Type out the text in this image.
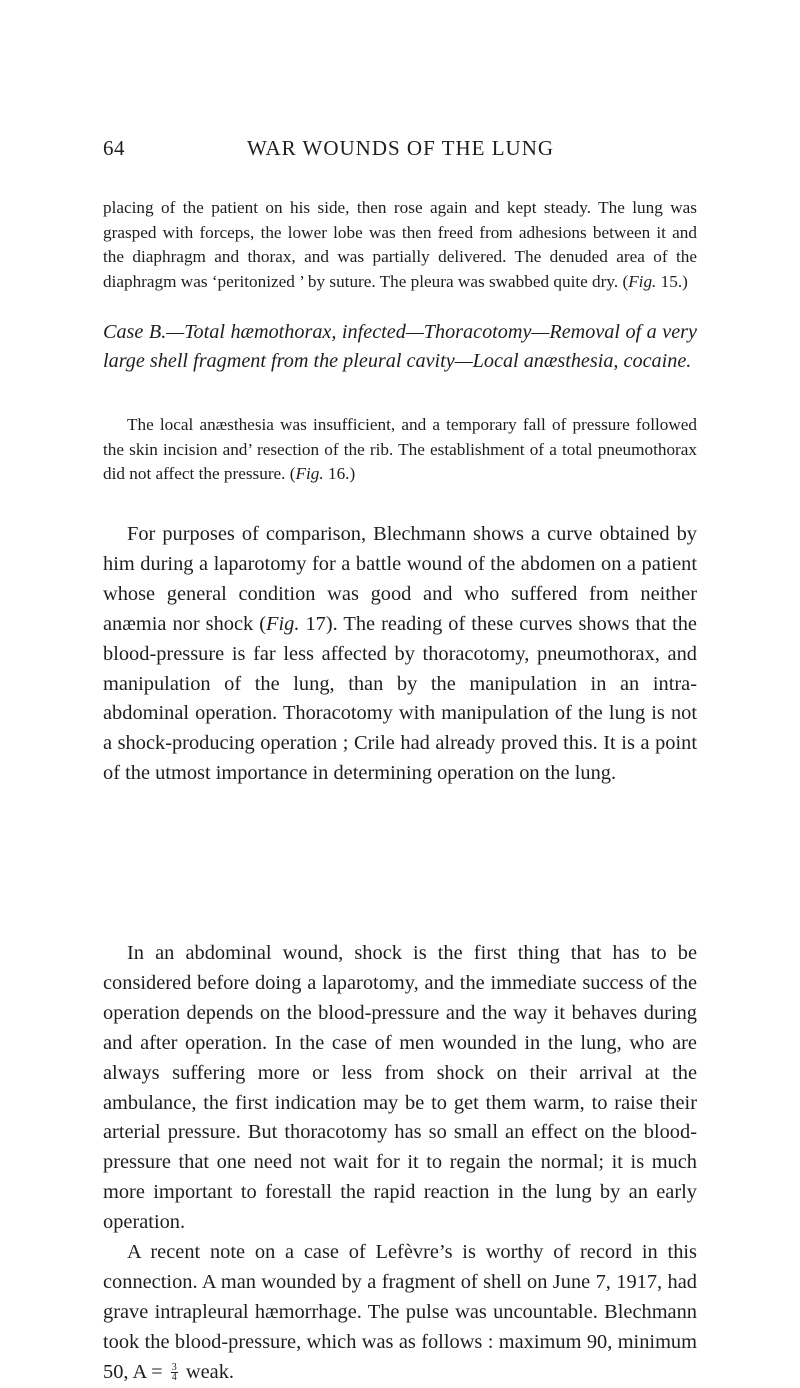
64	WAR WOUNDS OF THE LUNG
placing of the patient on his side, then rose again and kept steady. The lung was grasped with forceps, the lower lobe was then freed from adhesions between it and the diaphragm and thorax, and was partially delivered. The denuded area of the diaphragm was ‘peritonized ’ by suture. The pleura was swabbed quite dry. (Fig. 15.)
Case B.—Total hæmothorax, infected—Thoracotomy—Removal of a very large shell fragment from the pleural cavity—Local anæsthesia, cocaine.
The local anæsthesia was insufficient, and a temporary fall of pressure followed the skin incision and’ resection of the rib. The establishment of a total pneumothorax did not affect the pressure. (Fig. 16.)
For purposes of comparison, Blechmann shows a curve obtained by him during a laparotomy for a battle wound of the abdomen on a patient whose general condition was good and who suffered from neither anæmia nor shock (Fig. 17). The reading of these curves shows that the blood-pressure is far less affected by thoracotomy, pneumothorax, and manipulation of the lung, than by the manipulation in an intra-abdominal operation. Thoracotomy with manipulation of the lung is not a shock-producing operation ; Crile had already proved this. It is a point of the utmost importance in determining operation on the lung.
In an abdominal wound, shock is the first thing that has to be considered before doing a laparotomy, and the immediate success of the operation depends on the blood-pressure and the way it behaves during and after operation. In the case of men wounded in the lung, who are always suffering more or less from shock on their arrival at the ambulance, the first indication may be to get them warm, to raise their arterial pressure. But thoracotomy has so small an effect on the blood-pressure that one need not wait for it to regain the normal; it is much more important to forestall the rapid reaction in the lung by an early operation.
A recent note on a case of Lefèvre’s is worthy of record in this connection. A man wounded by a fragment of shell on June 7, 1917, had grave intrapleural hæmorrhage. The pulse was uncountable. Blechmann took the blood-pressure, which was as follows : maximum 90, minimum 50, $A = \frac{3}{4}$ weak.
